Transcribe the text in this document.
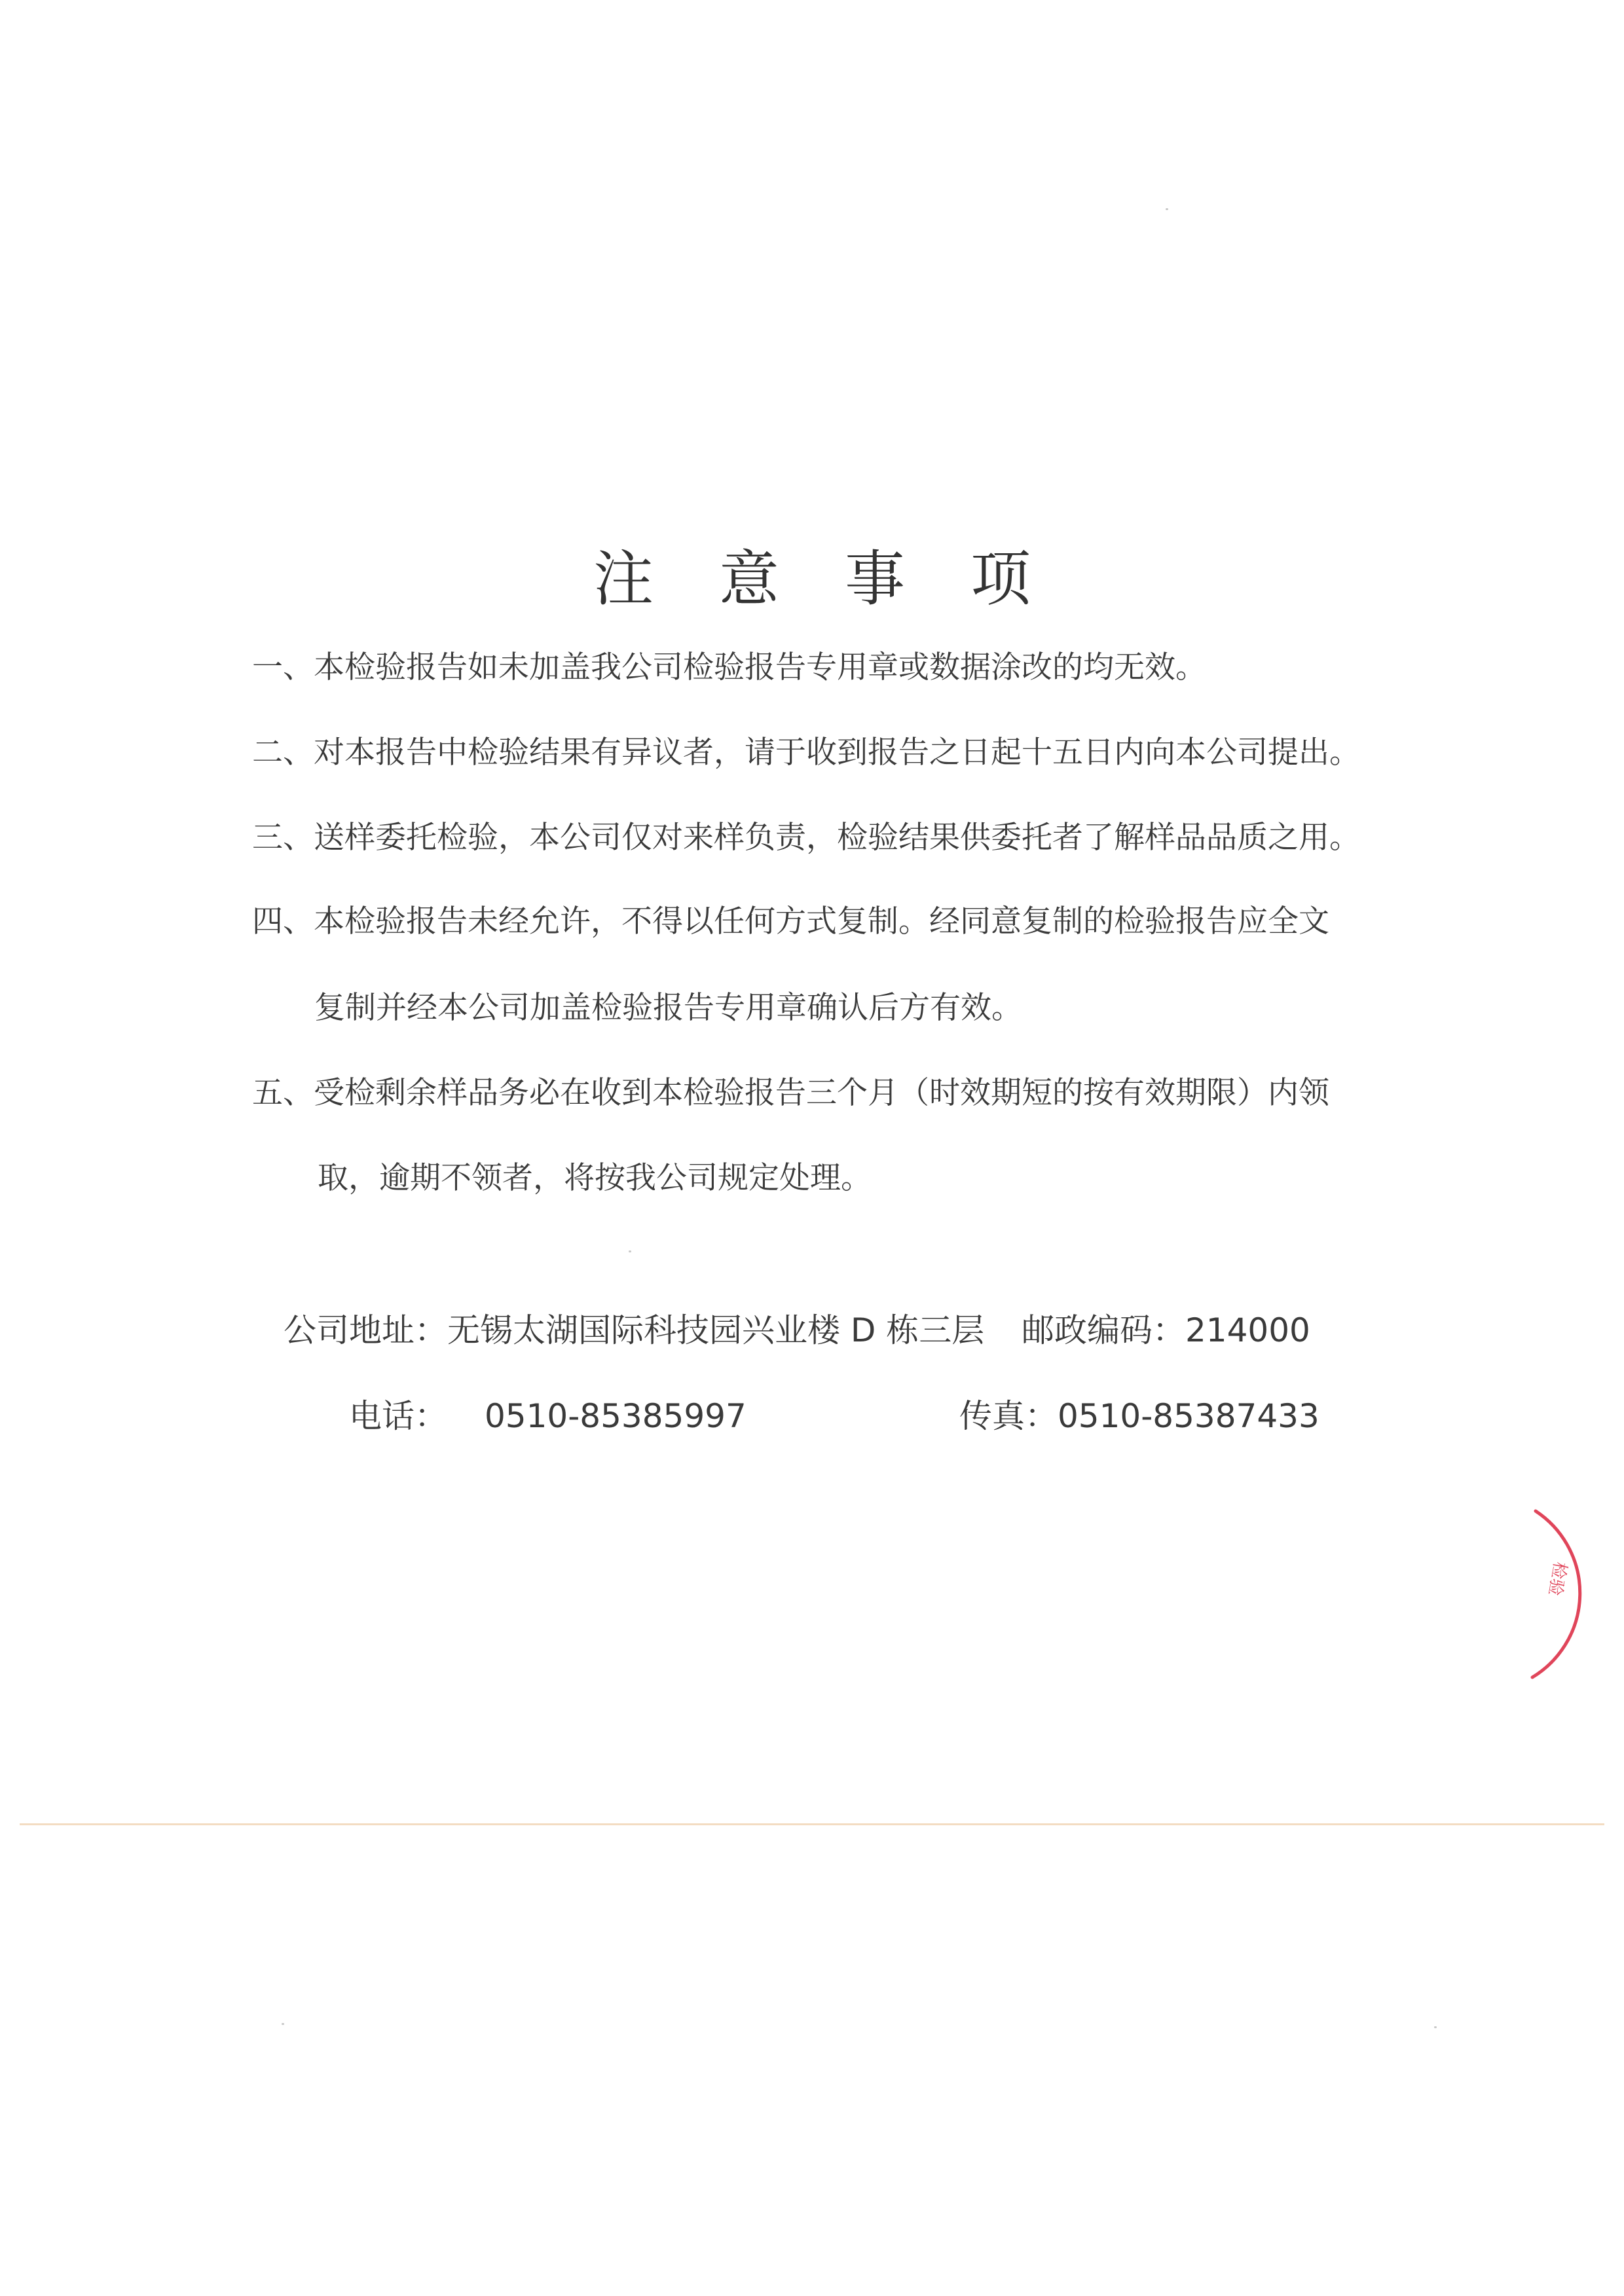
注意事项
一、本检验报告如未加盖我公司检验报告专用章或数据涂改的均无效。
二、对本报告中检验结果有异议者，请于收到报告之日起十五日内向本公司提出。
三、送样委托检验，本公司仅对来样负责，检验结果供委托者了解样品品质之用。
四、本检验报告未经允许，不得以任何方式复制。经同意复制的检验报告应全文
复制并经本公司加盖检验报告专用章确认后方有效。
五、受检剩余样品务必在收到本检验报告三个月（时效期短的按有效期限）内领
取，逾期不领者，将按我公司规定处理。
公司地址：无锡太湖国际科技园兴业楼 D 栋三层 邮政编码：214000
电话： 0510-85385997	传真：0510-85387433
检验
